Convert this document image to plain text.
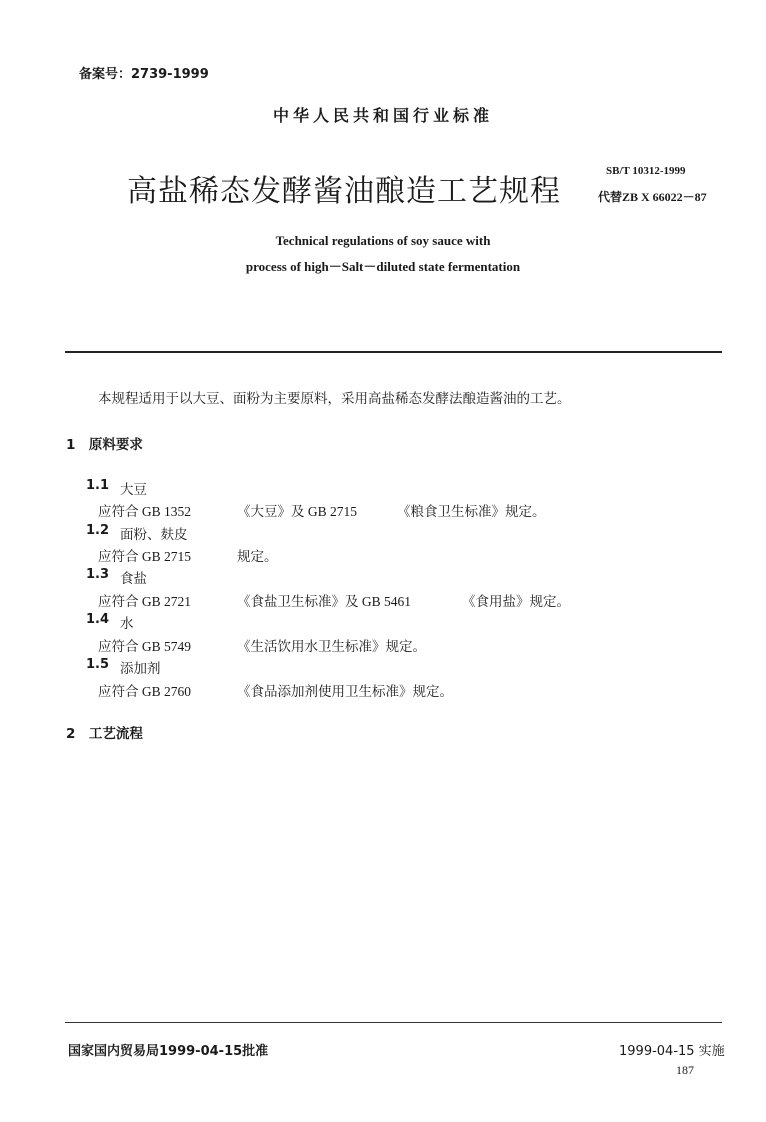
备案号：2739-1999
中华人民共和国行业标准
高盐稀态发酵酱油酿造工艺规程
SB/T 10312-1999
代替ZB X 66022－87
Technical regulations of soy sauce with
process of high－Salt－diluted state fermentation
本规程适用于以大豆、面粉为主要原料，采用高盐稀态发酵法酿造酱油的工艺。
1　原料要求
1.1 大豆
应符合 GB 1352	《大豆》及 GB 2715	《粮食卫生标准》规定。
1.2 面粉、麸皮
应符合 GB 2715	规定。
1.3 食盐
应符合 GB 2721	《食盐卫生标准》及 GB 5461	《食用盐》规定。
1.4 水
应符合 GB 5749	《生活饮用水卫生标准》规定。
1.5 添加剂
应符合 GB 2760	《食品添加剂使用卫生标准》规定。
2　工艺流程
国家国内贸易局1999-04-15批准	1999-04-15 实施
187
